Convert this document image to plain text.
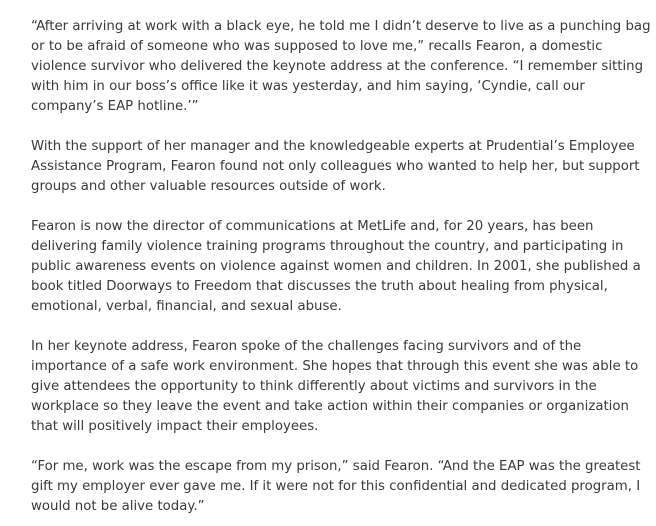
“After arriving at work with a black eye, he told me I didn’t deserve to live as a punching bag or to be afraid of someone who was supposed to love me,” recalls Fearon, a domestic violence survivor who delivered the keynote address at the conference. “I remember sitting with him in our boss’s office like it was yesterday, and him saying, ‘Cyndie, call our company’s EAP hotline.’”

With the support of her manager and the knowledgeable experts at Prudential’s Employee Assistance Program, Fearon found not only colleagues who wanted to help her, but support groups and other valuable resources outside of work.

Fearon is now the director of communications at MetLife and, for 20 years, has been delivering family violence training programs throughout the country, and participating in public awareness events on violence against women and children. In 2001, she published a book titled Doorways to Freedom that discusses the truth about healing from physical, emotional, verbal, financial, and sexual abuse.

In her keynote address, Fearon spoke of the challenges facing survivors and of the importance of a safe work environment. She hopes that through this event she was able to give attendees the opportunity to think differently about victims and survivors in the workplace so they leave the event and take action within their companies or organization that will positively impact their employees.

“For me, work was the escape from my prison,” said Fearon. “And the EAP was the greatest gift my employer ever gave me. If it were not for this confidential and dedicated program, I would not be alive today.”
